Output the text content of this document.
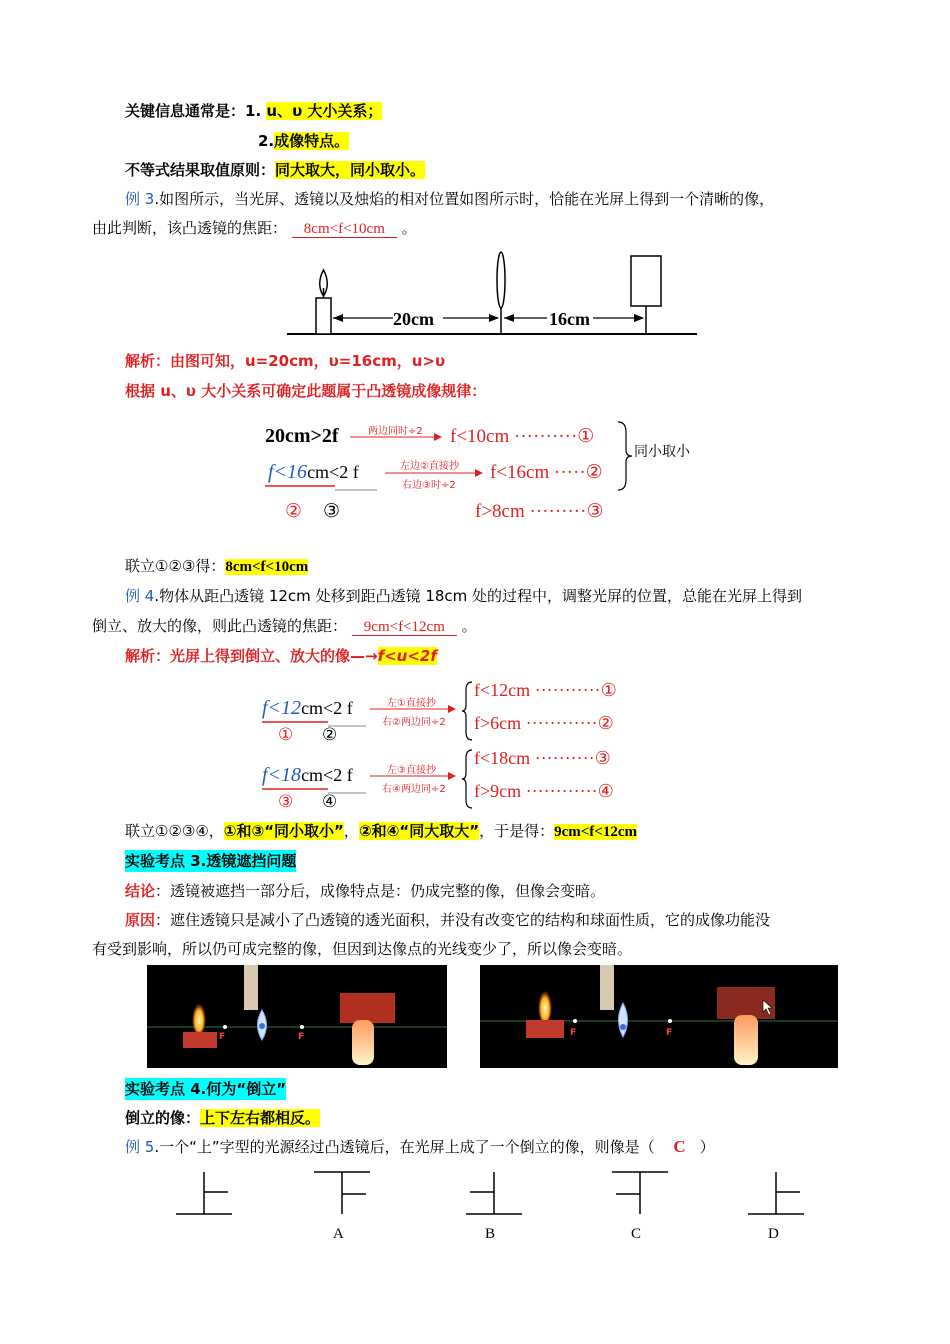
关键信息通常是：1. u、υ 大小关系；
2.成像特点。
不等式结果取值原则：同大取大，同小取小。
例 3.如图所示，当光屏、透镜以及烛焰的相对位置如图所示时，恰能在光屏上得到一个清晰的像，
由此判断，该凸透镜的焦距： 8cm<f<10cm 。
20cm	16cm
解析：由图可知，u=20cm，υ=16cm，u>υ
根据 u、υ 大小关系可确定此题属于凸透镜成像规律：
20cm>2f	两边同时÷2 f<10cm ··········①
f<16cm<2 f	左边②直接抄
右边③时÷2
f<16cm ·····②
② ③	f>8cm ·········③
同小取小
联立①②③得：8cm<f<10cm
例 4.物体从距凸透镜 12cm 处移到距凸透镜 18cm 处的过程中，调整光屏的位置，总能在光屏上得到
倒立、放大的像，则此凸透镜的焦距： 9cm<f<12cm 。
解析：光屏上得到倒立、放大的像—→f<u<2f
f<12cm<2 f	左①直接抄
右②两边同÷2
f<12cm ···········①
f>6cm ············②
① ②
f<18cm<2 f	左③直接抄
右④两边同÷2
f<18cm ··········③
f>9cm ············④
③ ④
联立①②③④，①和③“同小取小”，②和④“同大取大”，于是得：9cm<f<12cm
实验考点 3.透镜遮挡问题
结论：透镜被遮挡一部分后，成像特点是：仍成完整的像，但像会变暗。
原因：遮住透镜只是减小了凸透镜的透光面积，并没有改变它的结构和球面性质，它的成像功能没
有受到影响，所以仍可成完整的像，但因到达像点的光线变少了，所以像会变暗。
F	F	F	F
实验考点 4.何为“倒立”
倒立的像：上下左右都相反。
例 5.一个“上”字型的光源经过凸透镜后，在光屏上成了一个倒立的像，则像是（ C ）
A	B	C	D
